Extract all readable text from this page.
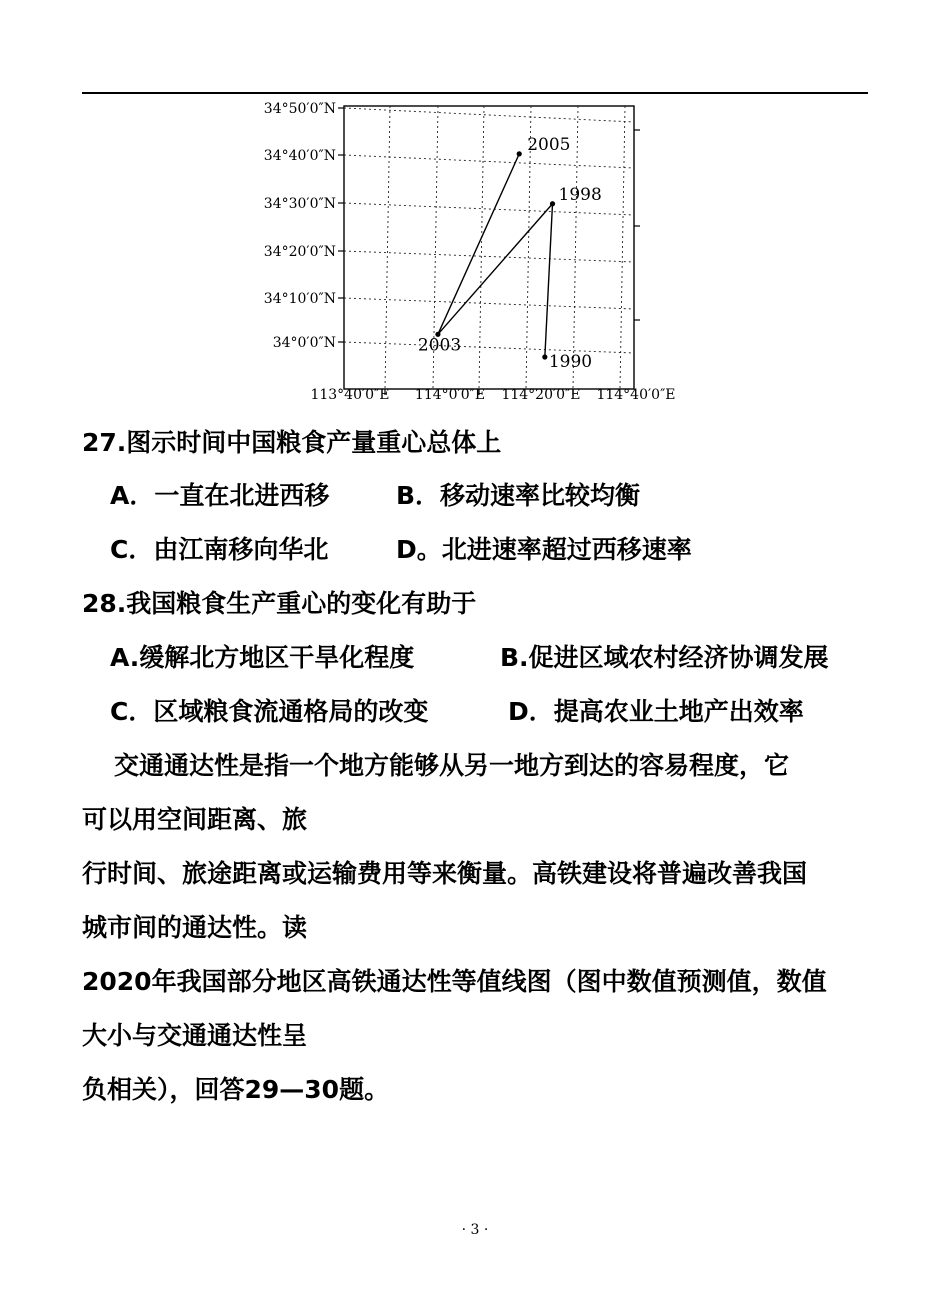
34°50′0″N
34°40′0″N
34°30′0″N
34°20′0″N
34°10′0″N
34°0′0″N
113°40′0″E 114°0′0″E 114°20′0″E 114°40′0″E
2005
1998
2003
1990
27.图示时间中国粮食产量重心总体上
A．一直在北进西移	B．移动速率比较均衡
C．由江南移向华北	D。北进速率超过西移速率
28.我国粮食生产重心的变化有助于
A.缓解北方地区干旱化程度	B.促进区域农村经济协调发展
C．区域粮食流通格局的改变	D．提高农业土地产出效率
交通通达性是指一个地方能够从另一地方到达的容易程度，它
可以用空间距离、旅
行时间、旅途距离或运输费用等来衡量。高铁建设将普遍改善我国
城市间的通达性。读
2020年我国部分地区高铁通达性等值线图（图中数值预测值，数值
大小与交通通达性呈
负相关），回答29—30题。
· 3 ·
